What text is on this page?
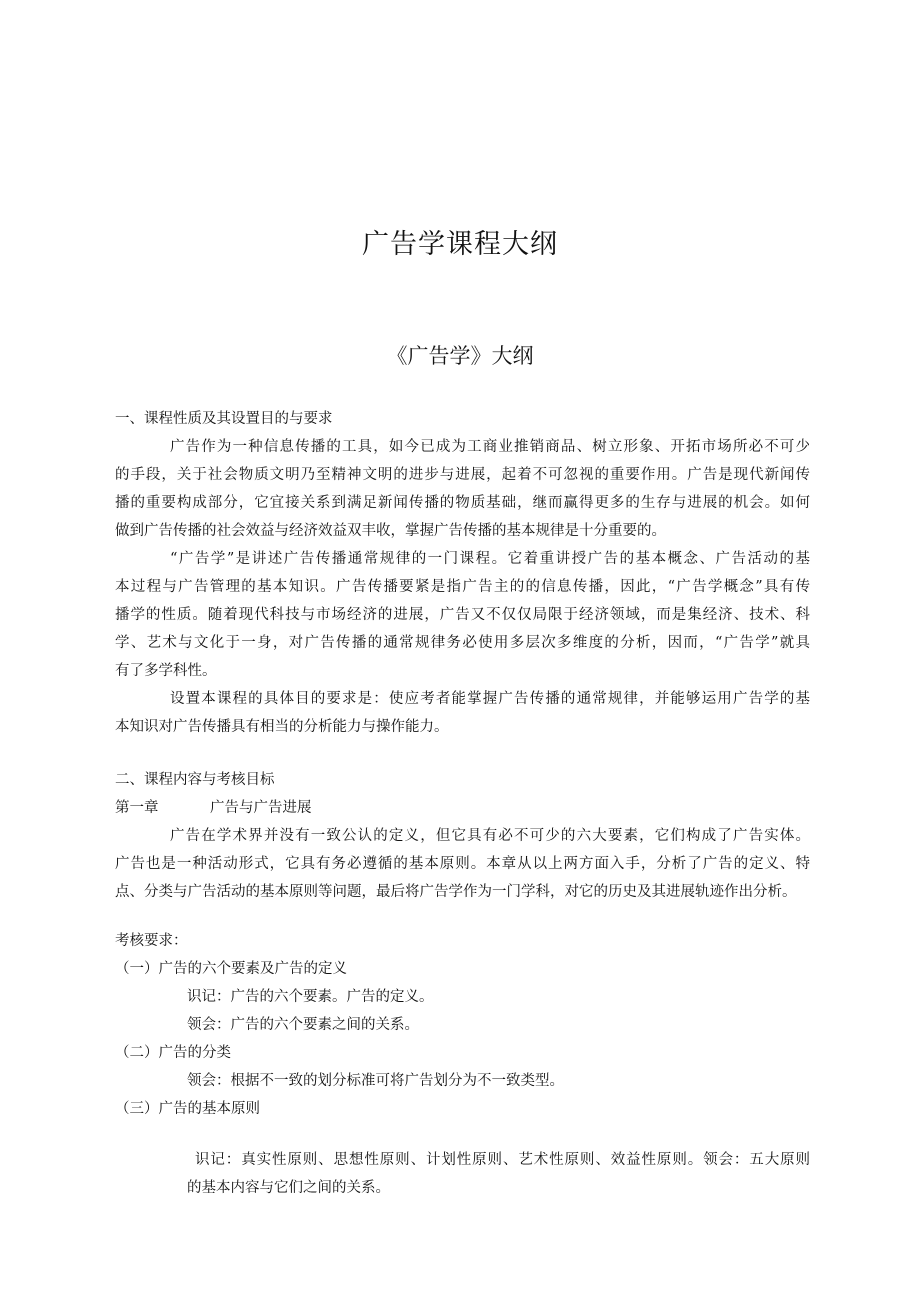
广告学课程大纲
《广告学》大纲
一、课程性质及其设置目的与要求
广告作为一种信息传播的工具，如今已成为工商业推销商品、树立形象、开拓市场所必不可少
的手段，关于社会物质文明乃至精神文明的进步与进展，起着不可忽视的重要作用。广告是现代新闻传
播的重要构成部分，它宜接关系到满足新闻传播的物质基础，继而赢得更多的生存与进展的机会。如何
做到广告传播的社会效益与经济效益双丰收，掌握广告传播的基本规律是十分重要的。
“广告学”是讲述广告传播通常规律的一门课程。它着重讲授广告的基本概念、广告活动的基
本过程与广告管理的基本知识。广告传播要紧是指广告主的的信息传播，因此，“广告学概念”具有传
播学的性质。随着现代科技与市场经济的进展，广告又不仅仅局限于经济领域，而是集经济、技术、科
学、艺术与文化于一身，对广告传播的通常规律务必使用多层次多维度的分析，因而，“广告学”就具
有了多学科性。
设置本课程的具体目的要求是：使应考者能掌握广告传播的通常规律，并能够运用广告学的基
本知识对广告传播具有相当的分析能力与操作能力。
二、课程内容与考核目标
第一章	广告与广告进展
广告在学术界并没有一致公认的定义，但它具有必不可少的六大要素，它们构成了广告实体。
广告也是一种活动形式，它具有务必遵循的基本原则。本章从以上两方面入手，分析了广告的定义、特
点、分类与广告活动的基本原则等问题，最后将广告学作为一门学科，对它的历史及其进展轨迹作出分析。
考核要求：
（一）广告的六个要素及广告的定义
识记：广告的六个要素。广告的定义。
领会：广告的六个要素之间的关系。
（二）广告的分类
领会：根据不一致的划分标准可将广告划分为不一致类型。
（三）广告的基本原则
识记：真实性原则、思想性原则、计划性原则、艺术性原则、效益性原则。领会：五大原则
的基本内容与它们之间的关系。
